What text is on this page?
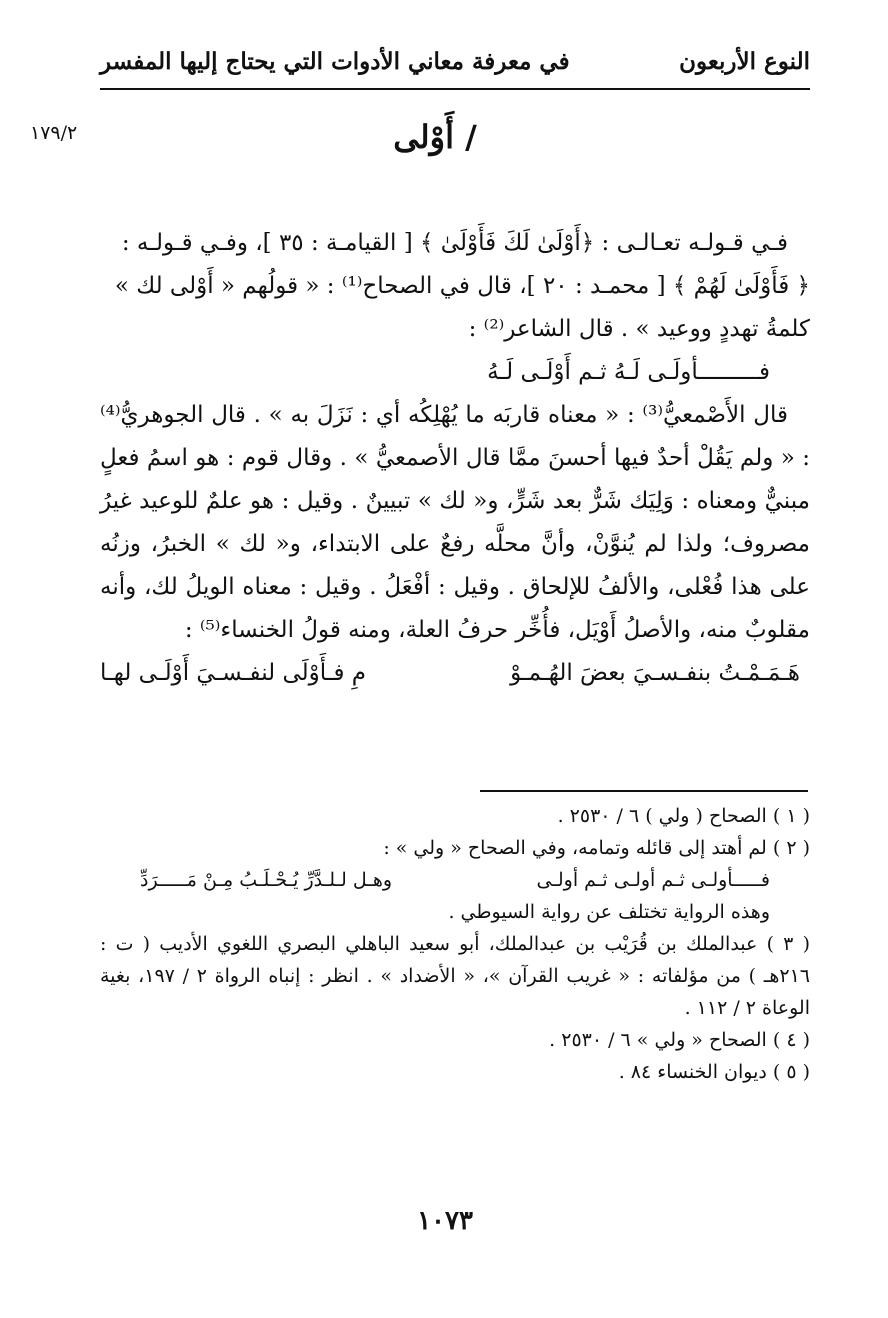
النوع الأربعون
في معرفة معاني الأدوات التي يحتاج إليها المفسر
١٧٩/٢	/ أَوْلى

فـي قـولـه تعـالـى : ﴿أَوْلَىٰ لَكَ فَأَوْلَىٰ ﴾ [ القيامـة : ٣٥ ]، وفـي قـولـه :

﴿ فَأَوْلَىٰ لَهُمْ ﴾ [ محمـد : ٢٠ ]، قال في الصحاح⁽¹⁾ : « قولُهم « أَوْلى لك »

كلمةُ تهددٍ ووعيد » . قال الشاعر⁽²⁾ :

فـــــــــأولَـى لَـهُ ثـم أَوْلَـى لَـهُ

قال الأَصْمعيُّ⁽³⁾ : « معناه قاربَه ما يُهْلِكُه أي : نَزَلَ به » . قال الجوهريُّ⁽⁴⁾ : « ولم يَقُلْ أحدٌ فيها أحسنَ ممَّا قال الأصمعيُّ » . وقال قوم : هو اسمُ فعلٍ مبنيٌّ ومعناه : وَلِيَك شَرٌّ بعد شَرٍّ، و« لك » تبيينٌ . وقيل : هو علمٌ للوعيد غيرُ مصروف؛ ولذا لم يُنوَّنْ، وأنَّ محلَّه رفعٌ على الابتداء، و« لك » الخبرُ، وزنُه على هذا فُعْلى، والألفُ للإلحاق . وقيل : أفْعَلُ . وقيل : معناه الويلُ لك، وأنه مقلوبٌ منه، والأصلُ أَوْيَل، فأُخِّر حرفُ العلة، ومنه قولُ الخنساء⁽⁵⁾ :

هَـمَـمْـتُ بنفـسـيَ بعضَ الهُـمـوْ
مِ فـأَوْلَى لنفـسـيَ أَوْلَـى لهـا

( ١ ) الصحاح ( ولي ) ٦ / ٢٥٣٠ .

( ٢ ) لم أهتد إلى قائله وتمامه، وفي الصحاح « ولي » :

فـــــأولـى ثـم أولـى ثـم أولـى
وهـل لـلـدَّرِّ يُـحْـلَـبُ مِـنْ مَـــــرَدِّ

وهذه الرواية تختلف عن رواية السيوطي .

( ٣ ) عبدالملك بن قُرَيْب بن عبدالملك، أبو سعيد الباهلي البصري اللغوي الأديب ( ت : ٢١٦هـ ) من مؤلفاته : « غريب القرآن »، « الأضداد » . انظر : إنباه الرواة ٢ / ١٩٧، بغية الوعاة ٢ / ١١٢ .

( ٤ ) الصحاح « ولي » ٦ / ٢٥٣٠ .

( ٥ ) ديوان الخنساء ٨٤ .

١٠٧٣
